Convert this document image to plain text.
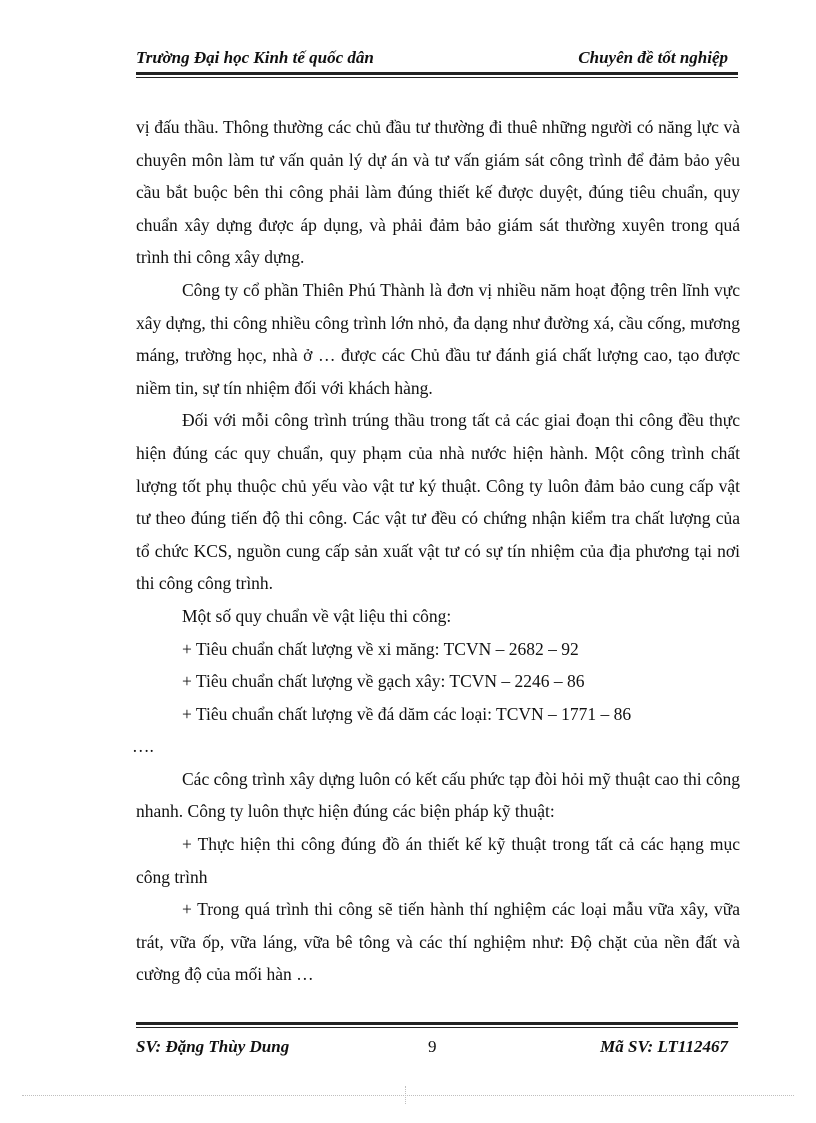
Trường Đại học Kinh tế quốc dân	Chuyên đề tốt nghiệp

vị đấu thầu. Thông thường các chủ đầu tư thường đi thuê những người có năng lực và chuyên môn làm tư vấn quản lý dự án và tư vấn giám sát công trình để đảm bảo yêu cầu bắt buộc bên thi công phải làm đúng thiết kế được duyệt, đúng tiêu chuẩn, quy chuẩn xây dựng được áp dụng, và phải đảm bảo giám sát thường xuyên trong quá trình thi công xây dựng.

Công ty cổ phần Thiên Phú Thành là đơn vị nhiều năm hoạt động trên lĩnh vực xây dựng, thi công nhiều công trình lớn nhỏ, đa dạng như đường xá, cầu cống, mương máng, trường học, nhà ở … được các Chủ đầu tư đánh giá chất lượng cao, tạo được niềm tin, sự tín nhiệm đối với khách hàng.

Đối với mỗi công trình trúng thầu trong tất cả các giai đoạn thi công đều thực hiện đúng các quy chuẩn, quy phạm của nhà nước hiện hành. Một công trình chất lượng tốt phụ thuộc chủ yếu vào vật tư ký thuật. Công ty luôn đảm bảo cung cấp vật tư theo đúng tiến độ thi công. Các vật tư đều có chứng nhận kiểm tra chất lượng của tổ chức KCS, nguồn cung cấp sản xuất vật tư có sự tín nhiệm của địa phương tại nơi thi công công trình.

Một số quy chuẩn về vật liệu thi công:

+ Tiêu chuẩn chất lượng về xi măng: TCVN – 2682 – 92

+ Tiêu chuẩn chất lượng về gạch xây: TCVN – 2246 – 86

+ Tiêu chuẩn chất lượng về đá dăm các loại: TCVN – 1771 – 86

….

Các công trình xây dựng luôn có kết cấu phức tạp đòi hỏi mỹ thuật cao thi công nhanh. Công ty luôn thực hiện đúng các biện pháp kỹ thuật:

+ Thực hiện thi công đúng đồ án thiết kế kỹ thuật trong tất cả các hạng mục công trình

+ Trong quá trình thi công sẽ tiến hành thí nghiệm các loại mẫu vữa xây, vữa trát, vữa ốp, vữa láng, vữa bê tông và các thí nghiệm như: Độ chặt của nền đất và cường độ của mối hàn …

SV: Đặng Thùy Dung	9	Mã SV: LT112467
